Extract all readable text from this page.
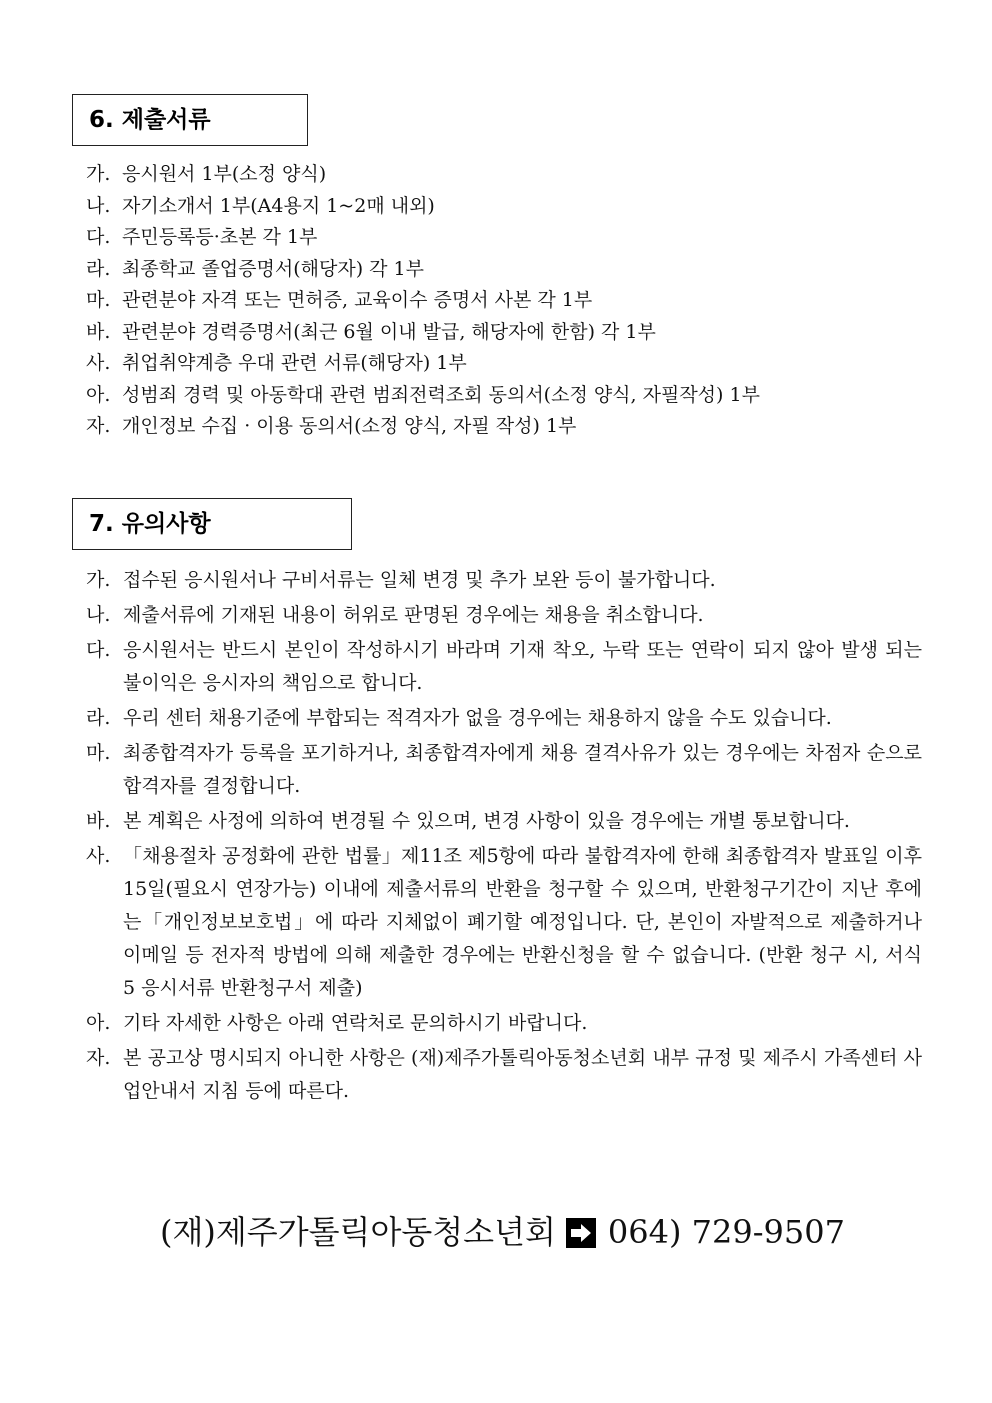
6. 제출서류
가. 응시원서 1부(소정 양식)
나. 자기소개서 1부(A4용지 1~2매 내외)
다. 주민등록등·초본 각 1부
라. 최종학교 졸업증명서(해당자) 각 1부
마. 관련분야 자격 또는 면허증, 교육이수 증명서 사본 각 1부
바. 관련분야 경력증명서(최근 6월 이내 발급, 해당자에 한함) 각 1부
사. 취업취약계층 우대 관련 서류(해당자) 1부
아. 성범죄 경력 및 아동학대 관련 범죄전력조회 동의서(소정 양식, 자필작성) 1부
자. 개인정보 수집 · 이용 동의서(소정 양식, 자필 작성) 1부
7. 유의사항
가. 접수된 응시원서나 구비서류는 일체 변경 및 추가 보완 등이 불가합니다.
나. 제출서류에 기재된 내용이 허위로 판명된 경우에는 채용을 취소합니다.
다. 응시원서는 반드시 본인이 작성하시기 바라며 기재 착오, 누락 또는 연락이 되지 않아 발생 되는 불이익은 응시자의 책임으로 합니다.
라. 우리 센터 채용기준에 부합되는 적격자가 없을 경우에는 채용하지 않을 수도 있습니다.
마. 최종합격자가 등록을 포기하거나, 최종합격자에게 채용 결격사유가 있는 경우에는 차점자 순으로 합격자를 결정합니다.
바. 본 계획은 사정에 의하여 변경될 수 있으며, 변경 사항이 있을 경우에는 개별 통보합니다.
사. 「채용절차 공정화에 관한 법률」제11조 제5항에 따라 불합격자에 한해 최종합격자 발표일 이후 15일(필요시 연장가능) 이내에 제출서류의 반환을 청구할 수 있으며, 반환청구기간이 지난 후에는「개인정보보호법」에 따라 지체없이 폐기할 예정입니다. 단, 본인이 자발적으로 제출하거나 이메일 등 전자적 방법에 의해 제출한 경우에는 반환신청을 할 수 없습니다. (반환 청구 시, 서식 5 응시서류 반환청구서 제출)
아. 기타 자세한 사항은 아래 연락처로 문의하시기 바랍니다.
자. 본 공고상 명시되지 아니한 사항은 (재)제주가톨릭아동청소년회 내부 규정 및 제주시 가족센터 사업안내서 지침 등에 따른다.
(재)제주가톨릭아동청소년회 064) 729-9507
